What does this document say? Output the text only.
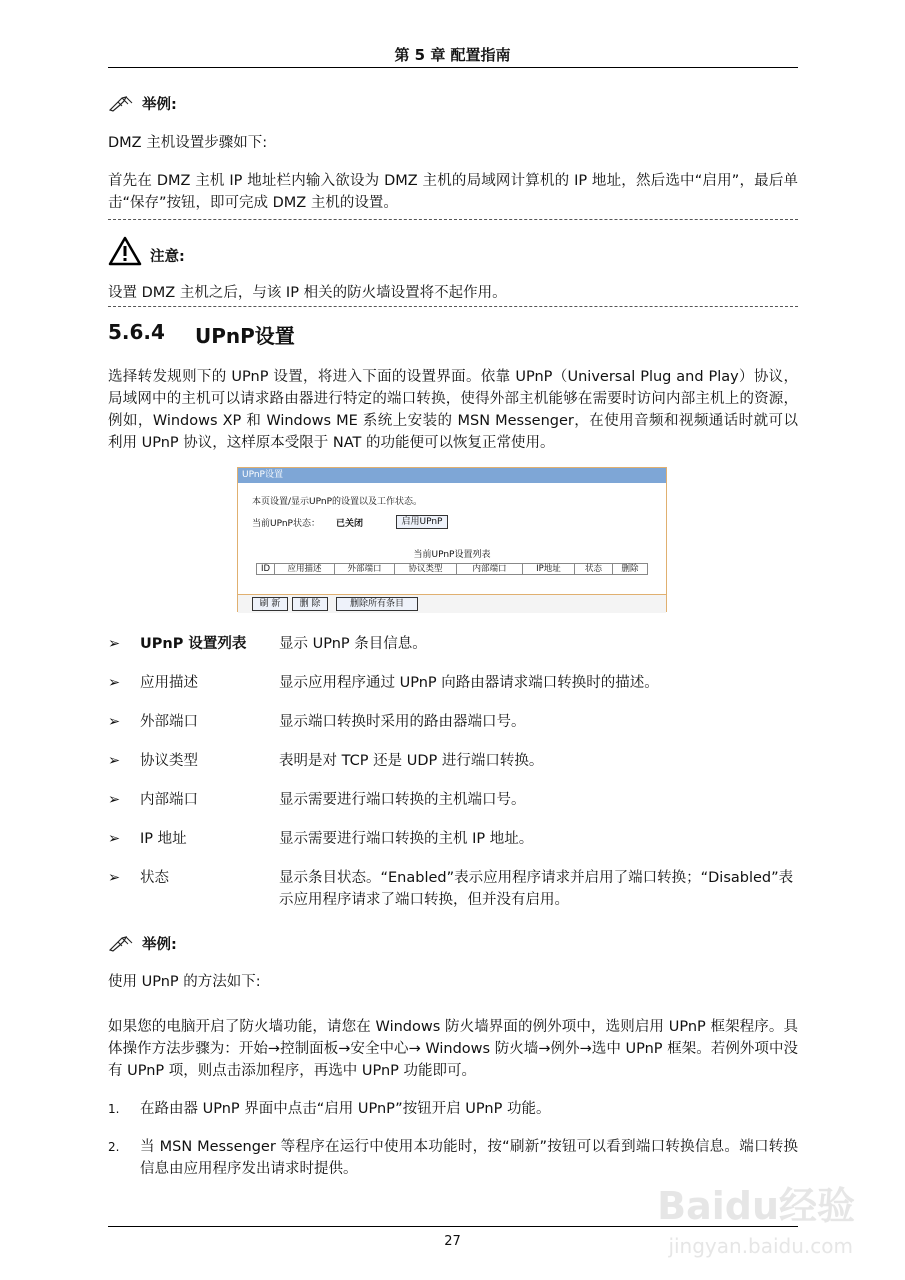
第 5 章 配置指南
举例:
DMZ 主机设置步骤如下:
首先在 DMZ 主机 IP 地址栏内输入欲设为 DMZ 主机的局域网计算机的 IP 地址，然后选中“启用”，最后单击“保存”按钮，即可完成 DMZ 主机的设置。
注意:
设置 DMZ 主机之后，与该 IP 相关的防火墙设置将不起作用。
5.6.4 UPnP设置
选择转发规则下的 UPnP 设置，将进入下面的设置界面。依靠 UPnP（Universal Plug and Play）协议，局域网中的主机可以请求路由器进行特定的端口转换，使得外部主机能够在需要时访问内部主机上的资源，例如，Windows XP 和 Windows ME 系统上安装的 MSN Messenger，在使用音频和视频通话时就可以利用 UPnP 协议，这样原本受限于 NAT 的功能便可以恢复正常使用。
UPnP设置
本页设置/显示UPnP的设置以及工作状态。
当前UPnP状态： 已关闭	启用UPnP
当前UPnP设置列表
ID	应用描述	外部端口	协议类型	内部端口	IP地址	状态	删除
刷 新	删 除	删除所有条目
➢ UPnP 设置列表 显示 UPnP 条目信息。
➢ 应用描述	显示应用程序通过 UPnP 向路由器请求端口转换时的描述。
➢ 外部端口	显示端口转换时采用的路由器端口号。
➢ 协议类型	表明是对 TCP 还是 UDP 进行端口转换。
➢ 内部端口	显示需要进行端口转换的主机端口号。
➢ IP 地址	显示需要进行端口转换的主机 IP 地址。
➢ 状态	显示条目状态。“Enabled”表示应用程序请求并启用了端口转换；“Disabled”表示应用程序请求了端口转换，但并没有启用。
举例:
使用 UPnP 的方法如下:
如果您的电脑开启了防火墙功能，请您在 Windows 防火墙界面的例外项中，选则启用 UPnP 框架程序。具体操作方法步骤为：开始→控制面板→安全中心→ Windows 防火墙→例外→选中 UPnP 框架。若例外项中没有 UPnP 项，则点击添加程序，再选中 UPnP 功能即可。
1. 在路由器 UPnP 界面中点击“启用 UPnP”按钮开启 UPnP 功能。
2. 当 MSN Messenger 等程序在运行中使用本功能时，按“刷新”按钮可以看到端口转换信息。端口转换信息由应用程序发出请求时提供。
27
Baidu经验
jingyan.baidu.com
